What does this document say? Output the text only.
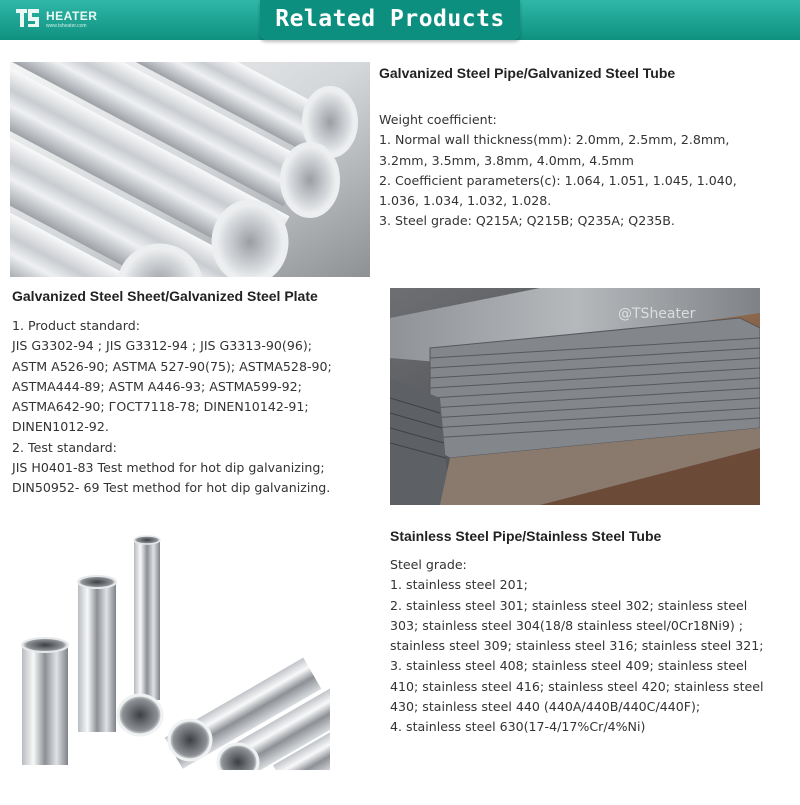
HEATER
www.tsheater.com	Related Products
Galvanized Steel Pipe/Galvanized Steel Tube
Weight coefficient:
1. Normal wall thickness(mm): 2.0mm, 2.5mm, 2.8mm,
3.2mm, 3.5mm, 3.8mm, 4.0mm, 4.5mm
2. Coefficient parameters(c): 1.064, 1.051, 1.045, 1.040,
1.036, 1.034, 1.032, 1.028.
3. Steel grade: Q215A; Q215B; Q235A; Q235B.
Galvanized Steel Sheet/Galvanized Steel Plate
1. Product standard:
JIS G3302-94 ; JIS G3312-94 ; JIS G3313-90(96);
ASTM A526-90; ASTMA 527-90(75); ASTMA528-90;
ASTMA444-89; ASTM A446-93; ASTMA599-92;
ASTMA642-90; ГОСТ7118-78; DINEN10142-91;
DINEN1012-92.
2. Test standard:
JIS H0401-83 Test method for hot dip galvanizing;
DIN50952- 69 Test method for hot dip galvanizing.
@TSheater
Stainless Steel Pipe/Stainless Steel Tube
Steel grade:
1. stainless steel 201;
2. stainless steel 301; stainless steel 302; stainless steel
303; stainless steel 304(18/8 stainless steel/0Cr18Ni9) ;
stainless steel 309; stainless steel 316; stainless steel 321;
3. stainless steel 408; stainless steel 409; stainless steel
410; stainless steel 416; stainless steel 420; stainless steel
430; stainless steel 440 (440A/440B/440C/440F);
4. stainless steel 630(17-4/17%Cr/4%Ni)
